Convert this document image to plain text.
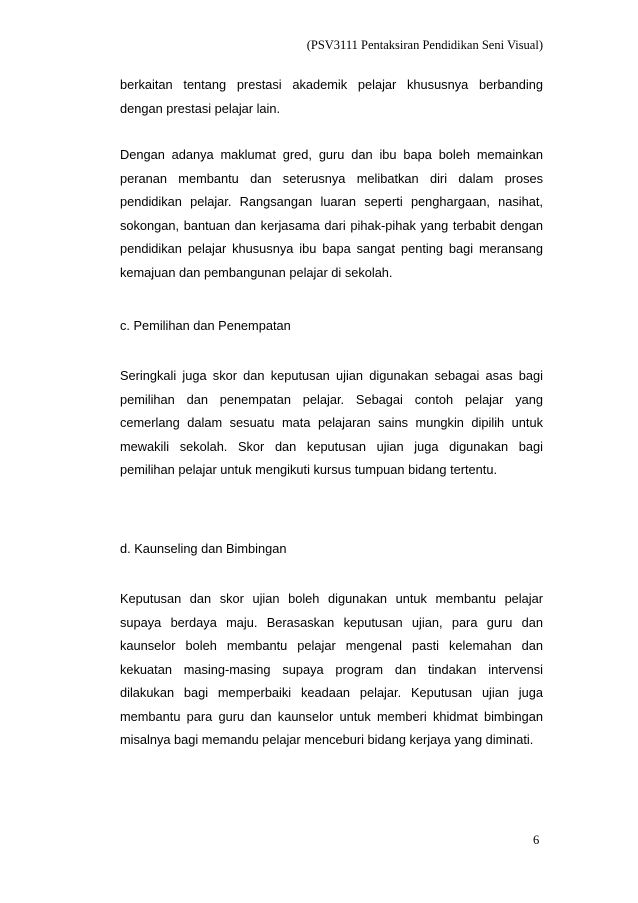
(PSV3111 Pentaksiran Pendidikan Seni Visual)

berkaitan tentang prestasi akademik pelajar khususnya berbanding dengan prestasi pelajar lain.

Dengan adanya maklumat gred, guru dan ibu bapa boleh memainkan peranan membantu dan seterusnya melibatkan diri dalam proses pendidikan pelajar. Rangsangan luaran seperti penghargaan, nasihat, sokongan, bantuan dan kerjasama dari pihak-pihak yang terbabit dengan pendidikan pelajar khususnya ibu bapa sangat penting bagi meransang kemajuan dan pembangunan pelajar di sekolah.

c. Pemilihan dan Penempatan

Seringkali juga skor dan keputusan ujian digunakan sebagai asas bagi pemilihan dan penempatan pelajar. Sebagai contoh pelajar yang cemerlang dalam sesuatu mata pelajaran sains mungkin dipilih untuk mewakili sekolah. Skor dan keputusan ujian juga digunakan bagi pemilihan pelajar untuk mengikuti kursus tumpuan bidang tertentu.

d. Kaunseling dan Bimbingan

Keputusan dan skor ujian boleh digunakan untuk membantu pelajar supaya berdaya maju. Berasaskan keputusan ujian, para guru dan kaunselor boleh membantu pelajar mengenal pasti kelemahan dan kekuatan masing-masing supaya program dan tindakan intervensi dilakukan bagi memperbaiki keadaan pelajar. Keputusan ujian juga membantu para guru dan kaunselor untuk memberi khidmat bimbingan misalnya bagi memandu pelajar menceburi bidang kerjaya yang diminati.

6
